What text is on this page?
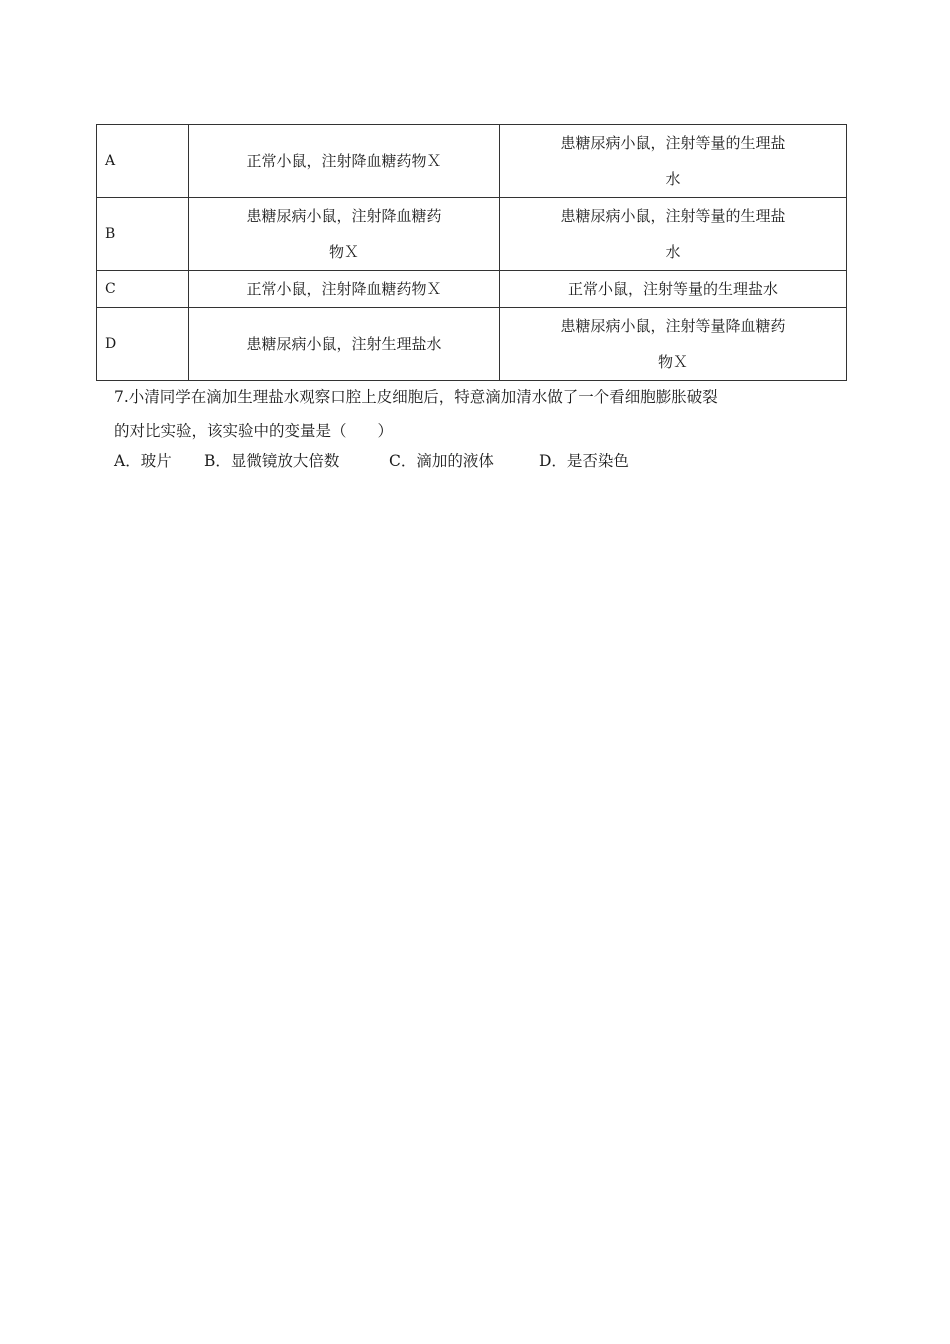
A	正常小鼠，注射降血糖药物Ｘ	患糖尿病小鼠，注射等量的生理盐
水

B	患糖尿病小鼠，注射降血糖药
物Ｘ	患糖尿病小鼠，注射等量的生理盐
水

C	正常小鼠，注射降血糖药物Ｘ	正常小鼠，注射等量的生理盐水

D	患糖尿病小鼠，注射生理盐水	患糖尿病小鼠，注射等量降血糖药
物Ｘ
7.小清同学在滴加生理盐水观察口腔上皮细胞后，特意滴加清水做了一个看细胞膨胀破裂
的对比实验，该实验中的变量是（　　）
A．玻片 B．显微镜放大倍数	C．滴加的液体	D．是否染色
